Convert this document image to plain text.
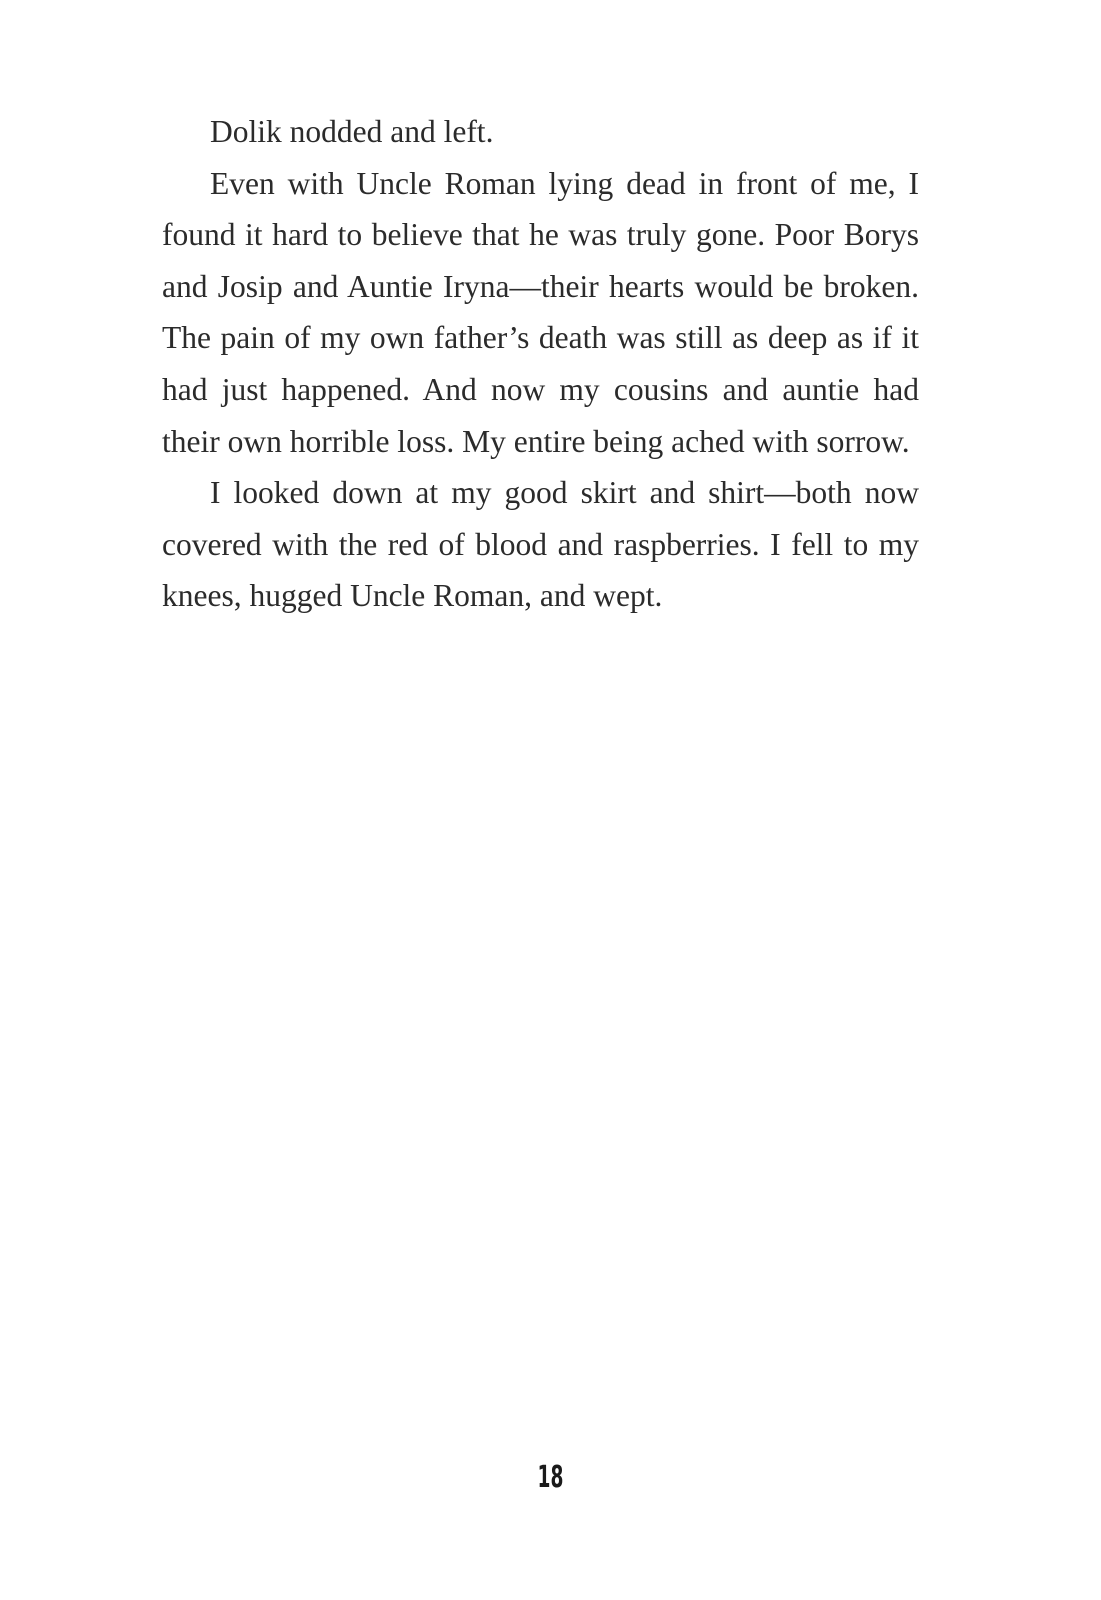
Dolik nodded and left.

Even with Uncle Roman lying dead in front of me, I found it hard to believe that he was truly gone. Poor Borys and Josip and Auntie Iryna—their hearts would be broken. The pain of my own father’s death was still as deep as if it had just happened. And now my cousins and auntie had their own horrible loss. My entire being ached with sorrow.

I looked down at my good skirt and shirt—both now covered with the red of blood and raspberries. I fell to my knees, hugged Uncle Roman, and wept.

18
